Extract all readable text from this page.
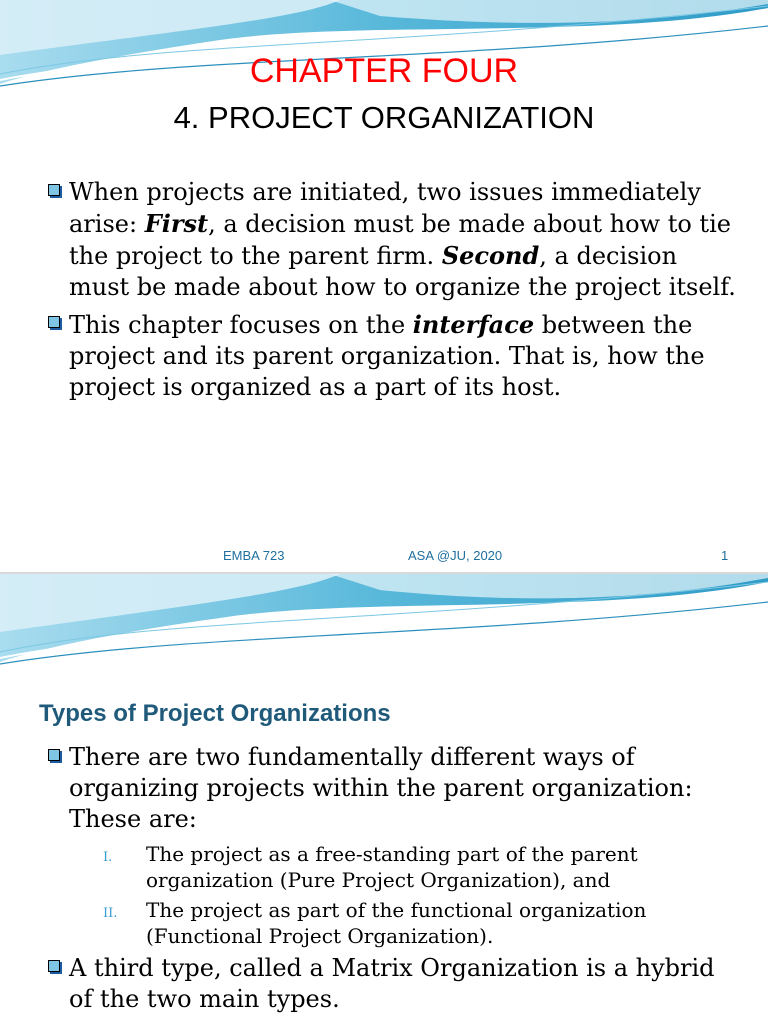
CHAPTER FOUR
4. PROJECT ORGANIZATION
When projects are initiated, two issues immediately arise: First, a decision must be made about how to tie the project to the parent firm. Second, a decision must be made about how to organize the project itself.
This chapter focuses on the interface between the project and its parent organization. That is, how the project is organized as a part of its host.
EMBA 723	ASA @JU, 2020	1
Types of Project Organizations
There are two fundamentally different ways of organizing projects within the parent organization: These are:
I. The project as a free-standing part of the parent organization (Pure Project Organization), and
II. The project as part of the functional organization (Functional Project Organization).
A third type, called a Matrix Organization is a hybrid of the two main types.
